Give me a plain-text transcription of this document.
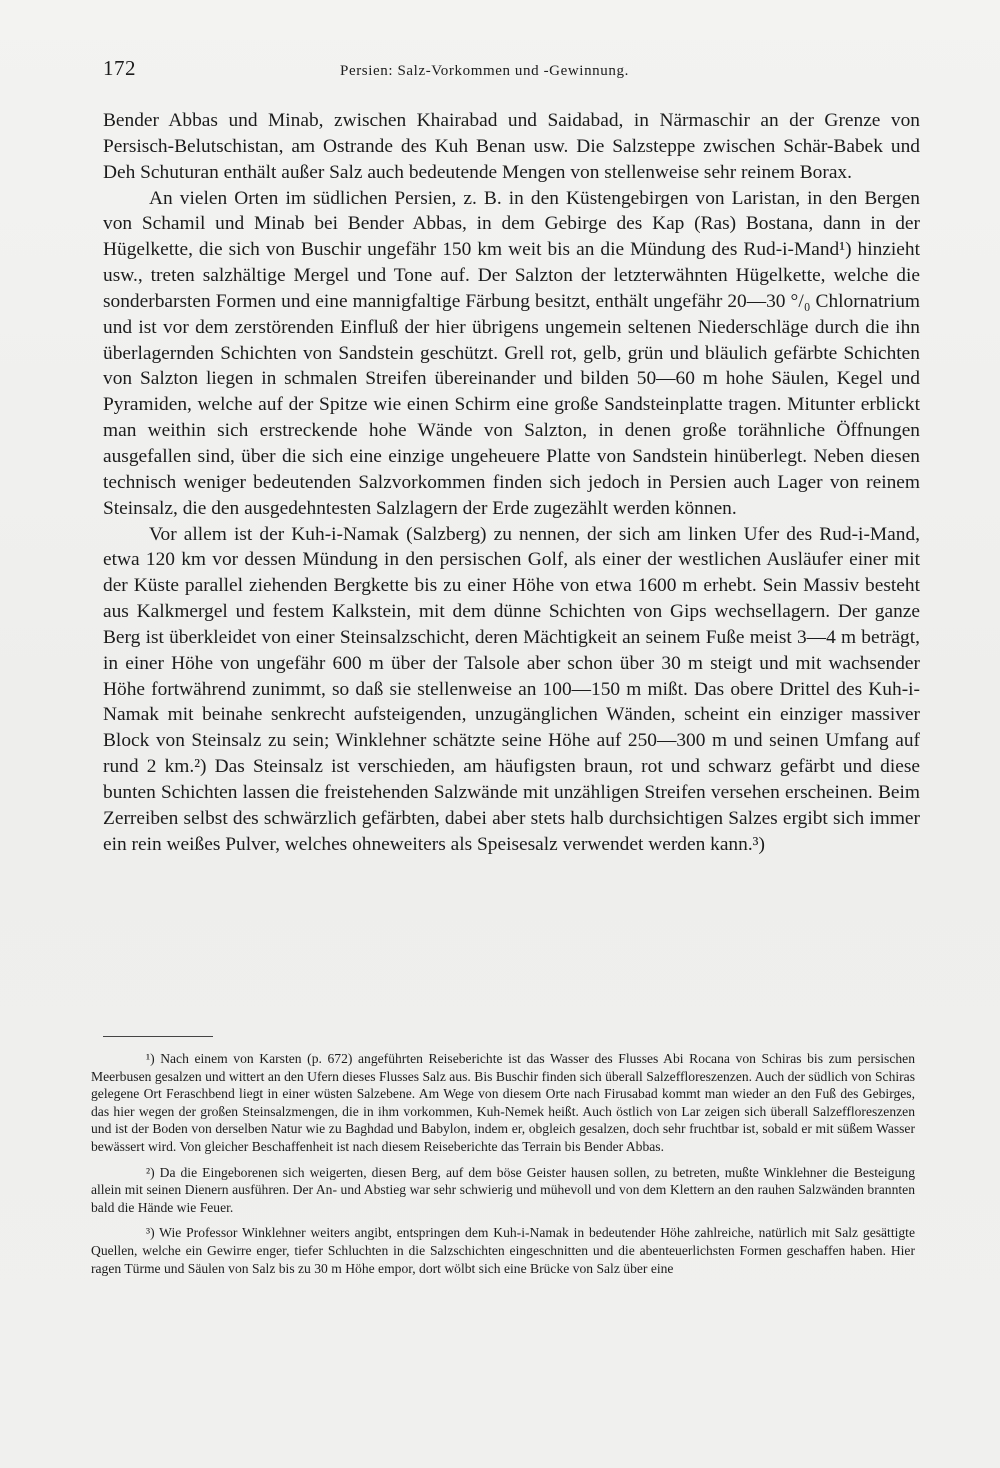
172	Persien: Salz-Vorkommen und -Gewinnung.

Bender Abbas und Minab, zwischen Khairabad und Saidabad, in Närmaschir an der Grenze von Persisch-Belutschistan, am Ostrande des Kuh Benan usw. Die Salzsteppe zwischen Schär-Babek und Deh Schuturan enthält außer Salz auch bedeutende Mengen von stellenweise sehr reinem Borax.

An vielen Orten im südlichen Persien, z. B. in den Küstengebirgen von Laristan, in den Bergen von Schamil und Minab bei Bender Abbas, in dem Gebirge des Kap (Ras) Bostana, dann in der Hügelkette, die sich von Buschir ungefähr 150 km weit bis an die Mündung des Rud-i-Mand¹) hinzieht usw., treten salzhältige Mergel und Tone auf. Der Salzton der letzterwähnten Hügelkette, welche die sonderbarsten Formen und eine mannigfaltige Färbung besitzt, enthält ungefähr 20—30 °/₀ Chlornatrium und ist vor dem zerstörenden Einfluß der hier übrigens ungemein seltenen Niederschläge durch die ihn überlagernden Schichten von Sandstein geschützt. Grell rot, gelb, grün und bläulich gefärbte Schichten von Salzton liegen in schmalen Streifen übereinander und bilden 50—60 m hohe Säulen, Kegel und Pyramiden, welche auf der Spitze wie einen Schirm eine große Sandsteinplatte tragen. Mitunter erblickt man weithin sich erstreckende hohe Wände von Salzton, in denen große torähnliche Öffnungen ausgefallen sind, über die sich eine einzige ungeheuere Platte von Sandstein hinüberlegt. Neben diesen technisch weniger bedeutenden Salzvorkommen finden sich jedoch in Persien auch Lager von reinem Steinsalz, die den ausgedehntesten Salzlagern der Erde zugezählt werden können.

Vor allem ist der Kuh-i-Namak (Salzberg) zu nennen, der sich am linken Ufer des Rud-i-Mand, etwa 120 km vor dessen Mündung in den persischen Golf, als einer der westlichen Ausläufer einer mit der Küste parallel ziehenden Bergkette bis zu einer Höhe von etwa 1600 m erhebt. Sein Massiv besteht aus Kalkmergel und festem Kalkstein, mit dem dünne Schichten von Gips wechsellagern. Der ganze Berg ist überkleidet von einer Steinsalzschicht, deren Mächtigkeit an seinem Fuße meist 3—4 m beträgt, in einer Höhe von ungefähr 600 m über der Talsole aber schon über 30 m steigt und mit wachsender Höhe fortwährend zunimmt, so daß sie stellenweise an 100—150 m mißt. Das obere Drittel des Kuh-i-Namak mit beinahe senkrecht aufsteigenden, unzugänglichen Wänden, scheint ein einziger massiver Block von Steinsalz zu sein; Winklehner schätzte seine Höhe auf 250—300 m und seinen Umfang auf rund 2 km.²) Das Steinsalz ist verschieden, am häufigsten braun, rot und schwarz gefärbt und diese bunten Schichten lassen die freistehenden Salzwände mit unzähligen Streifen versehen erscheinen. Beim Zerreiben selbst des schwärzlich gefärbten, dabei aber stets halb durchsichtigen Salzes ergibt sich immer ein rein weißes Pulver, welches ohneweiters als Speisesalz verwendet werden kann.³)

¹) Nach einem von Karsten (p. 672) angeführten Reiseberichte ist das Wasser des Flusses Abi Rocana von Schiras bis zum persischen Meerbusen gesalzen und wittert an den Ufern dieses Flusses Salz aus. Bis Buschir finden sich überall Salzeffloreszenzen. Auch der südlich von Schiras gelegene Ort Feraschbend liegt in einer wüsten Salzebene. Am Wege von diesem Orte nach Firusabad kommt man wieder an den Fuß des Gebirges, das hier wegen der großen Steinsalzmengen, die in ihm vorkommen, Kuh-Nemek heißt. Auch östlich von Lar zeigen sich überall Salzeffloreszenzen und ist der Boden von derselben Natur wie zu Baghdad und Babylon, indem er, obgleich gesalzen, doch sehr fruchtbar ist, sobald er mit süßem Wasser bewässert wird. Von gleicher Beschaffenheit ist nach diesem Reiseberichte das Terrain bis Bender Abbas.

²) Da die Eingeborenen sich weigerten, diesen Berg, auf dem böse Geister hausen sollen, zu betreten, mußte Winklehner die Besteigung allein mit seinen Dienern ausführen. Der An- und Abstieg war sehr schwierig und mühevoll und von dem Klettern an den rauhen Salzwänden brannten bald die Hände wie Feuer.

³) Wie Professor Winklehner weiters angibt, entspringen dem Kuh-i-Namak in bedeutender Höhe zahlreiche, natürlich mit Salz gesättigte Quellen, welche ein Gewirre enger, tiefer Schluchten in die Salzschichten eingeschnitten und die abenteuerlichsten Formen geschaffen haben. Hier ragen Türme und Säulen von Salz bis zu 30 m Höhe empor, dort wölbt sich eine Brücke von Salz über eine
